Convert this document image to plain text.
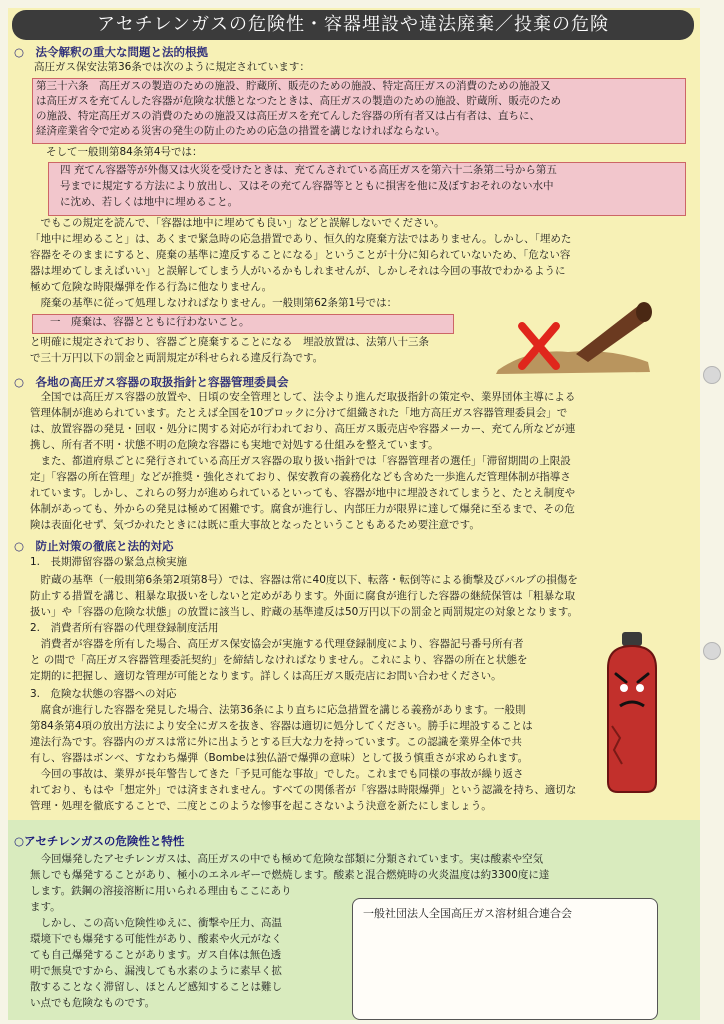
アセチレンガスの危険性・容器埋設や違法廃棄／投棄の危険
○　法令解釈の重大な問題と法的根拠
高圧ガス保安法第36条では次のように規定されています：
第三十六条　高圧ガスの製造のための施設、貯蔵所、販売のための施設、特定高圧ガスの消費のための施設又
は高圧ガスを充てんした容器が危険な状態となつたときは、高圧ガスの製造のための施設、貯蔵所、販売のため
の施設、特定高圧ガスの消費のための施設又は高圧ガスを充てんした容器の所有者又は占有者は、直ちに、
経済産業省令で定める災害の発生の防止のための応急の措置を講じなければならない。
そして一般則第84条第4号では：
四 充てん容器等が外傷又は火災を受けたときは、充てんされている高圧ガスを第六十二条第二号から第五
号までに規定する方法により放出し、又はその充てん容器等とともに損害を他に及ぼすおそれのない水中
に沈め、若しくは地中に埋めること。
　でもこの規定を読んで、「容器は地中に埋めても良い」などと誤解しないでください。
「地中に埋めること」は、あくまで緊急時の応急措置であり、恒久的な廃棄方法ではありません。しかし、「埋めた
容器をそのままにすると、廃棄の基準に違反することになる」ということが十分に知られていないため、「危ない容
器は埋めてしまえばいい」と誤解してしまう人がいるかもしれませんが、しかしそれは今回の事故でわかるように
極めて危険な時限爆弾を作る行為に他なりません。
　廃棄の基準に従って処理しなければなりません。一般則第62条第1号では：
一　廃棄は、容器とともに行わないこと。
と明確に規定されており、容器ごと廃棄することになる　埋設放置は、法第八十三条
で三十万円以下の罰金と両罰規定が科せられる違反行為です。
○　各地の高圧ガス容器の取扱指針と容器管理委員会
　全国では高圧ガス容器の放置や、日頃の安全管理として、法令より進んだ取扱指針の策定や、業界団体主導による
管理体制が進められています。たとえば全国を10ブロックに分けて組織された「地方高圧ガス容器管理委員会」で
は、放置容器の発見・回収・処分に関する対応が行われており、高圧ガス販売店や容器メーカー、充てん所などが連
携し、所有者不明・状態不明の危険な容器にも実地で対処する仕組みを整えています。
　また、都道府県ごとに発行されている高圧ガス容器の取り扱い指針では「容器管理者の選任」「滞留期間の上限設
定」「容器の所在管理」などが推奨・強化されており、保安教育の義務化なども含めた一歩進んだ管理体制が指導さ
れています。しかし、これらの努力が進められているといっても、容器が地中に埋設されてしまうと、たとえ制度や
体制があっても、外からの発見は極めて困難です。腐食が進行し、内部圧力が限界に達して爆発に至るまで、その危
険は表面化せず、気づかれたときには既に重大事故となったということもあるため要注意です。
○　防止対策の徹底と法的対応
1.　長期滞留容器の緊急点検実施
　貯蔵の基準（一般則第6条第2項第8号）では、容器は常に40度以下、転落・転倒等による衝撃及びバルブの損傷を
防止する措置を講じ、粗暴な取扱いをしないと定めがあります。外面に腐食が進行した容器の継続保管は「粗暴な取
扱い」や「容器の危険な状態」の放置に該当し、貯蔵の基準違反は50万円以下の罰金と両罰規定の対象となります。
2.　消費者所有容器の代理登録制度活用
　消費者が容器を所有した場合、高圧ガス保安協会が実施する代理登録制度により、容器記号番号所有者
と の間で「高圧ガス容器管理委託契約」を締結しなければなりません。これにより、容器の所在と状態を
定期的に把握し、適切な管理が可能となります。詳しくは高圧ガス販売店にお問い合わせください。
3.　危険な状態の容器への対応
　腐食が進行した容器を発見した場合、法第36条により直ちに応急措置を講じる義務があります。一般則
第84条第4項の放出方法により安全にガスを抜き、容器は適切に処分してください。勝手に埋設することは
違法行為です。容器内のガスは常に外に出ようとする巨大な力を持っています。この認識を業界全体で共
有し、容器はボンベ、すなわち爆弾（Bombeは独仏語で爆弾の意味）として扱う慎重さが求められます。
　今回の事故は、業界が長年警告してきた「予見可能な事故」でした。これまでも同様の事故が繰り返さ
れており、もはや「想定外」では済まされません。すべての関係者が「容器は時限爆弾」という認識を持ち、適切な
管理・処理を徹底することで、二度とこのような惨事を起こさないよう決意を新たにしましょう。
○アセチレンガスの危険性と特性
　今回爆発したアセチレンガスは、高圧ガスの中でも極めて危険な部類に分類されています。実は酸素や空気
無しでも爆発することがあり、極小のエネルギーで燃焼します。酸素と混合燃焼時の火炎温度は約3300度に達
します。鉄鋼の溶接溶断に用いられる理由もここにあり
ます。
　しかし、この高い危険性ゆえに、衝撃や圧力、高温
環境下でも爆発する可能性があり、酸素や火元がなく
ても自己爆発することがあります。ガス自体は無色透
明で無臭ですから、漏洩しても水素のように素早く拡
散することなく滞留し、ほとんど感知することは難し
い点でも危険なものです。
一般社団法人全国高圧ガス溶材組合連合会
